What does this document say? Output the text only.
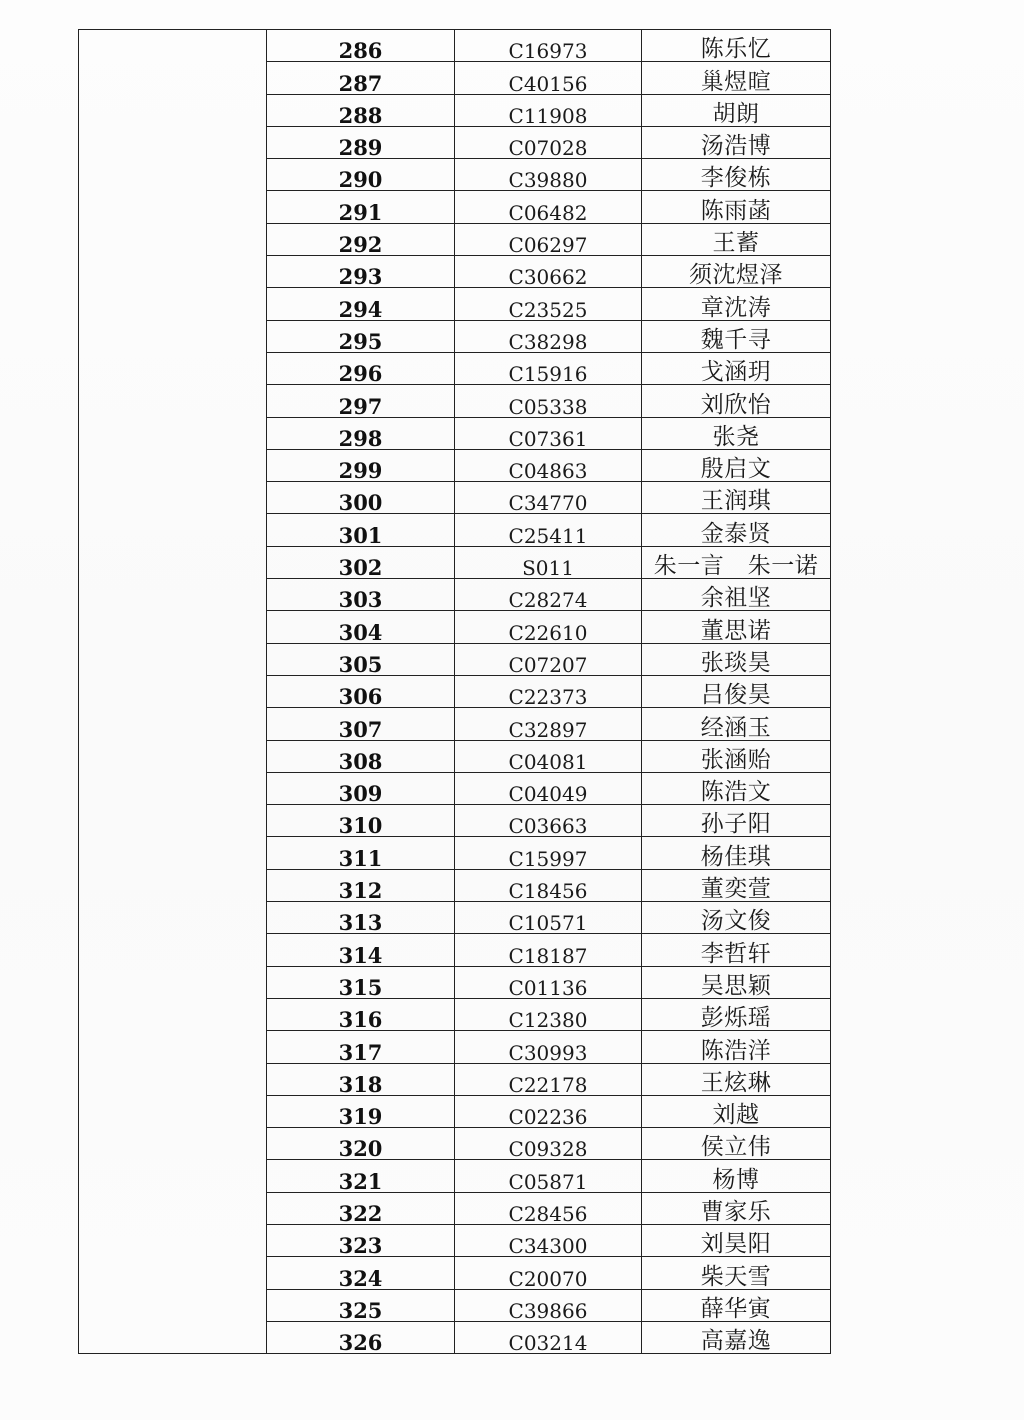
	286	C16973	陈乐忆
	287	C40156	巢煜暄
	288	C11908	胡朗
	289	C07028	汤浩博
	290	C39880	李俊栋
	291	C06482	陈雨菡
	292	C06297	王蓄
	293	C30662	须沈煜泽
	294	C23525	章沈涛
	295	C38298	魏千寻
	296	C15916	戈涵玥
	297	C05338	刘欣怡
	298	C07361	张尧
	299	C04863	殷启文
	300	C34770	王润琪
	301	C25411	金泰贤
	302	S011	朱一言　朱一诺
	303	C28274	余祖坚
	304	C22610	董思诺
	305	C07207	张琰昊
	306	C22373	吕俊昊
	307	C32897	经涵玉
	308	C04081	张涵贻
	309	C04049	陈浩文
	310	C03663	孙子阳
	311	C15997	杨佳琪
	312	C18456	董奕萱
	313	C10571	汤文俊
	314	C18187	李哲轩
	315	C01136	吴思颖
	316	C12380	彭烁瑶
	317	C30993	陈浩洋
	318	C22178	王炫琳
	319	C02236	刘越
	320	C09328	侯立伟
	321	C05871	杨博
	322	C28456	曹家乐
	323	C34300	刘昊阳
	324	C20070	柴天雪
	325	C39866	薛华寅
	326	C03214	高嘉逸
